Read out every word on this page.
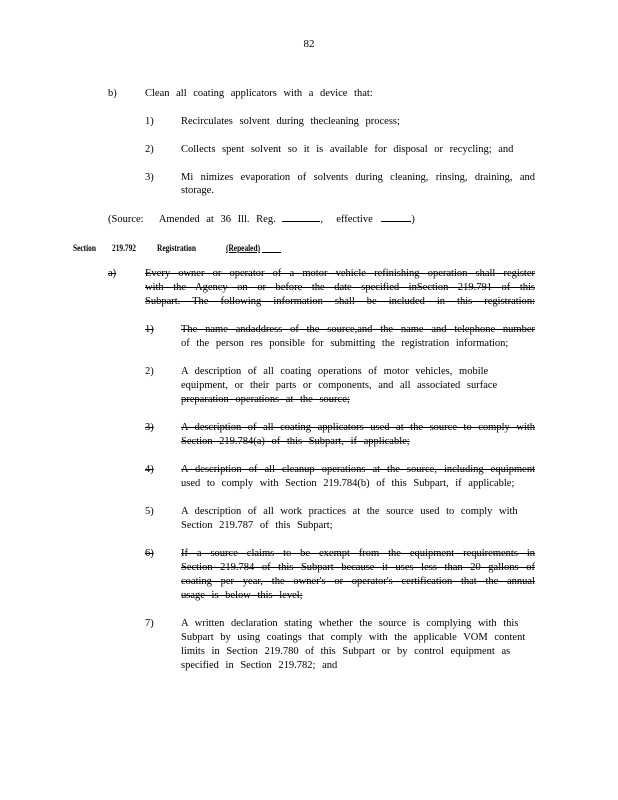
82
b)	Clean all coating applicators with a device that:
1)	Recirculates solvent during thecleaning process;
2)	Collects spent solvent so it is available for disposal or recycling; and
3)	Mi nimizes evaporation of solvents during cleaning, rinsing, draining, and
storage.
(Source: Amended at 36 Ill. Reg.	, effective	)
Section 219.792 Registration	(Repealed)
a)	Every owner or operator of a motor vehicle refinishing operation shall register
with the Agency on or before the date specified inSection 219.791 of this
Subpart. The following information shall be included in this registration:
1)	The name andaddress of the source,and the name and telephone number
of the person res ponsible for submitting the registration information;
2)	A description of all coating operations of motor vehicles, mobile
equipment, or their parts or components, and all associated surface
preparation operations at the source;
3)	A description of all coating applicators used at the source to comply with
Section 219.784(a) of this Subpart, if applicable;
4)	A description of all cleanup operations at the source, including equipment
used to comply with Section 219.784(b) of this Subpart, if applicable;
5)	A description of all work practices at the source used to comply with
Section 219.787 of this Subpart;
6)	If a source claims to be exempt from the equipment requirements in
Section 219.784 of this Subpart because it uses less than 20 gallons of
coating per year, the owner's or operator's certification that the annual
usage is below this level;
7)	A written declaration stating whether the source is complying with this
Subpart by using coatings that comply with the applicable VOM content
limits in Section 219.780 of this Subpart or by control equipment as
specified in Section 219.782; and
